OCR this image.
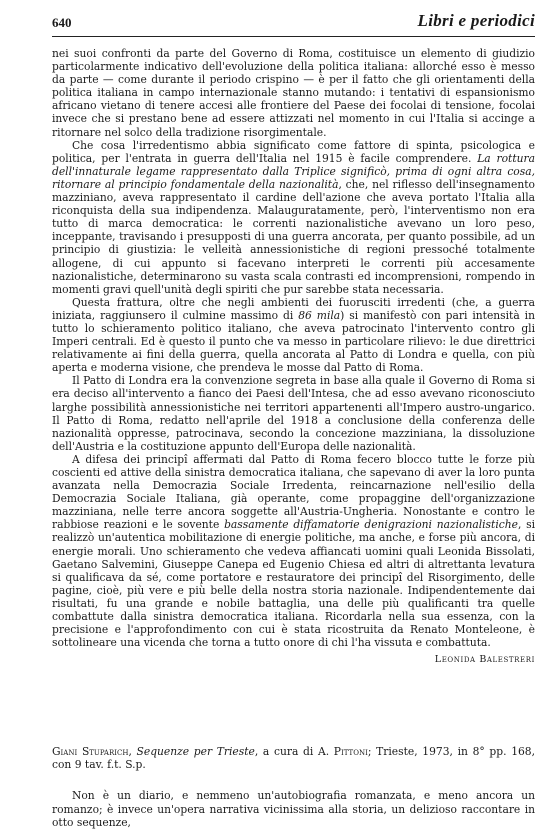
640	Libri e periodici

nei suoi confronti da parte del Governo di Roma, costituisce un elemento di giudizio particolarmente indicativo dell'evoluzione della politica italiana: allorché esso è messo da parte — come durante il periodo crispino — è per il fatto che gli orientamenti della politica italiana in campo internazionale stanno mutando: i tentativi di espansionismo africano vietano di tenere accesi alle frontiere del Paese dei focolai di tensione, focolai invece che si prestano bene ad essere attizzati nel momento in cui l'Italia si accinge a ritornare nel solco della tradizione risorgimentale.

Che cosa l'irredentismo abbia significato come fattore di spinta, psicologica e politica, per l'entrata in guerra dell'Italia nel 1915 è facile comprendere. La rottura dell'innaturale legame rappresentato dalla Triplice significò, prima di ogni altra cosa, ritornare al principio fondamentale della nazionalità, che, nel riflesso dell'insegnamento mazziniano, aveva rappresentato il cardine dell'azione che aveva portato l'Italia alla riconquista della sua indipendenza. Malauguratamente, però, l'interventismo non era tutto di marca democratica: le correnti nazionalistiche avevano un loro peso, inceppante, travisando i presupposti di una guerra ancorata, per quanto possibile, ad un principio di giustizia: le velleità annessionistiche di regioni pressoché totalmente allogene, di cui appunto si facevano interpreti le correnti più accesamente nazionalistiche, determinarono su vasta scala contrasti ed incomprensioni, rompendo in momenti gravi quell'unità degli spiriti che pur sarebbe stata necessaria.

Questa frattura, oltre che negli ambienti dei fuorusciti irredenti (che, a guerra iniziata, raggiunsero il culmine massimo di 86 mila) si manifestò con pari intensità in tutto lo schieramento politico italiano, che aveva patrocinato l'intervento contro gli Imperi centrali. Ed è questo il punto che va messo in particolare rilievo: le due direttrici relativamente ai fini della guerra, quella ancorata al Patto di Londra e quella, con più aperta e moderna visione, che prendeva le mosse dal Patto di Roma.

Il Patto di Londra era la convenzione segreta in base alla quale il Governo di Roma si era deciso all'intervento a fianco dei Paesi dell'Intesa, che ad esso avevano riconosciuto larghe possibilità annessionistiche nei territori appartenenti all'Impero austro-ungarico. Il Patto di Roma, redatto nell'aprile del 1918 a conclusione della conferenza delle nazionalità oppresse, patrocinava, secondo la concezione mazziniana, la dissoluzione dell'Austria e la costituzione appunto dell'Europa delle nazionalità.

A difesa dei principî affermati dal Patto di Roma fecero blocco tutte le forze più coscienti ed attive della sinistra democratica italiana, che sapevano di aver la loro punta avanzata nella Democrazia Sociale Irredenta, reincarnazione nell'esilio della Democrazia Sociale Italiana, già operante, come propaggine dell'organizzazione mazziniana, nelle terre ancora soggette all'Austria-Ungheria. Nonostante e contro le rabbiose reazioni e le sovente bassamente diffamatorie denigrazioni nazionalistiche, si realizzò un'autentica mobilitazione di energie politiche, ma anche, e forse più ancora, di energie morali. Uno schieramento che vedeva affiancati uomini quali Leonida Bissolati, Gaetano Salvemini, Giuseppe Canepa ed Eugenio Chiesa ed altri di altrettanta levatura si qualificava da sé, come portatore e restauratore dei principî del Risorgimento, delle pagine, cioè, più vere e più belle della nostra storia nazionale. Indipendentemente dai risultati, fu una grande e nobile battaglia, una delle più qualificanti tra quelle combattute dalla sinistra democratica italiana. Ricordarla nella sua essenza, con la precisione e l'approfondimento con cui è stata ricostruita da Renato Monteleone, è sottolineare una vicenda che torna a tutto onore di chi l'ha vissuta e combattuta.

Leonida Balestreri

Giani Stuparich, Sequenze per Trieste, a cura di A. Pittoni; Trieste, 1973, in 8° pp. 168, con 9 tav. f.t. S.p.

Non è un diario, e nemmeno un'autobiografia romanzata, e meno ancora un romanzo; è invece un'opera narrativa vicinissima alla storia, un delizioso raccontare in otto sequenze,
